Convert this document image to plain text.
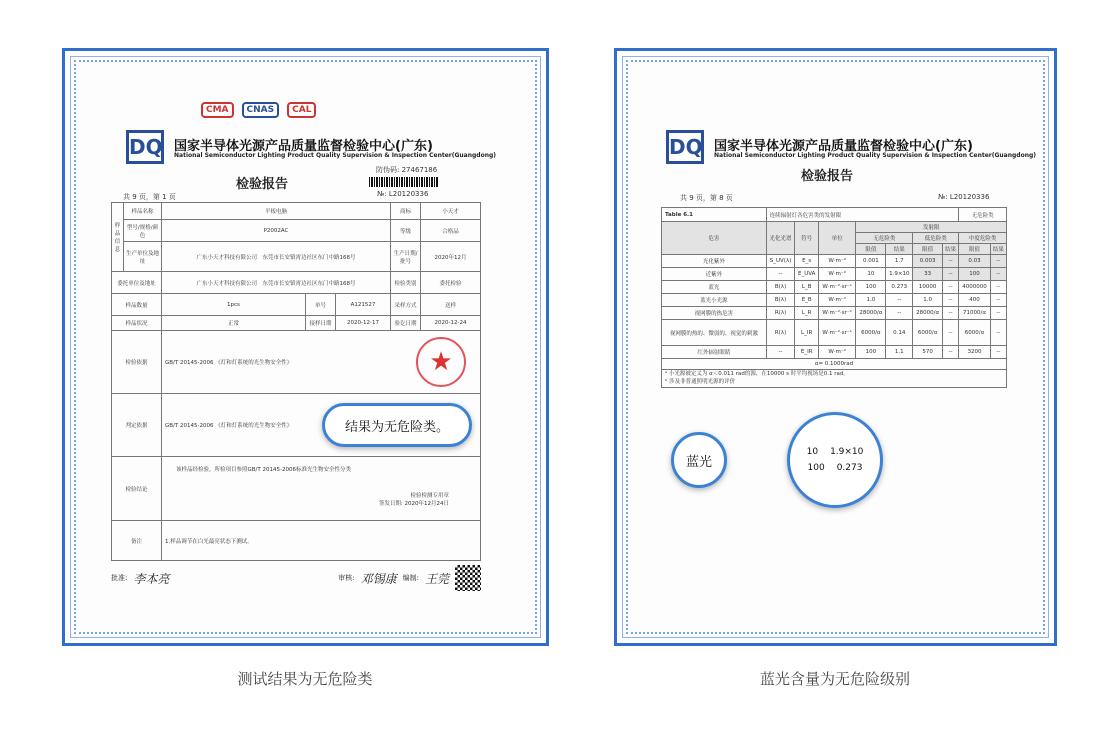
CMA	CNAS	CAL
DQ 国家半导体光源产品质量监督检验中心(广东)
National Semiconductor Lighting Product Quality Supervision & Inspection Center(Guangdong)
防伪码: 27467186
检验报告
共 9 页，第 1 页	№: L20120336
样品信息	样品名称	平板电脑			商标	小天才
	型号/规格/颜色	P2002AC			等级	合格品
	生产单位及地址	广东小天才科技有限公司　东莞市长安镇霄边社区东门中路168号			生产日期/批号	2020年12月
委托单位及地址		广东小天才科技有限公司　东莞市长安镇霄边社区东门中路168号			检验类别	委托检验
样品数量		1pcs	单号	A121527	采样方式	送样
样品状况		正常	接样日期	2020-12-17	验讫日期	2020-12-24
检验依据		GB/T 20145-2006 《灯和灯系统的光生物安全性》 ★				

判定依据		GB/T 20145-2006 《灯和灯系统的光生物安全性》 结果为无危险类。				

检验结论		该样品经检验，所检项目参照GB/T 20145-2006标准光生物安全性分类
检验检测专用章
签发日期: 2020年12月24日				

备注		1.样品调节在白光最亮状态下测试。				
批准: 李本亮	审核: 邓锡康 编制: 王莞
测试结果为无危险类
DQ 国家半导体光源产品质量监督检验中心(广东)
National Semiconductor Lighting Product Quality Supervision & Inspection Center(Guangdong)
检验报告
共 9 页，第 8 页	№: L20120336
Table 6.1	连续辐射灯各危害类的发射限							无危险类	
危害	光化光谱	符号	单位	发射限					
				无危险类		低危险类		中度危险类	
				限值	结果	限值	结果	限值	结果
光化紫外	S_UV(λ)	E_s	W·m⁻²	0.001	1.7	0.003	--	0.03	--
近紫外	--	E_UVA	W·m⁻²	10	1.9×10	33	--	100	--
蓝光	B(λ)	L_B	W·m⁻²·sr⁻¹	100	0.273	10000	--	4000000	--
蓝光小光源	B(λ)	E_B	W·m⁻²	1.0	--	1.0	--	400	--
视网膜的热危害	R(λ)	L_R	W·m⁻²·sr⁻¹	28000/α	--	28000/α	--	71000/α	--
视网膜的热的、微弱的、视觉的刺激	R(λ)	L_IR	W·m⁻²·sr⁻¹	6000/α	0.14	6000/α	--	6000/α	--
红外辐射眼睛	--	E_IR	W·m⁻²	100	1.1	570	--	3200	--
α= 0.1000rad									

ᵃ 小光源被定义为 α＜0.011 rad的源，在10000 s 时平均视场是0.1 rad。
ᵇ 涉及非普通照明光源的评价									
蓝光
10 1.9×10
100 0.273
蓝光含量为无危险级别
